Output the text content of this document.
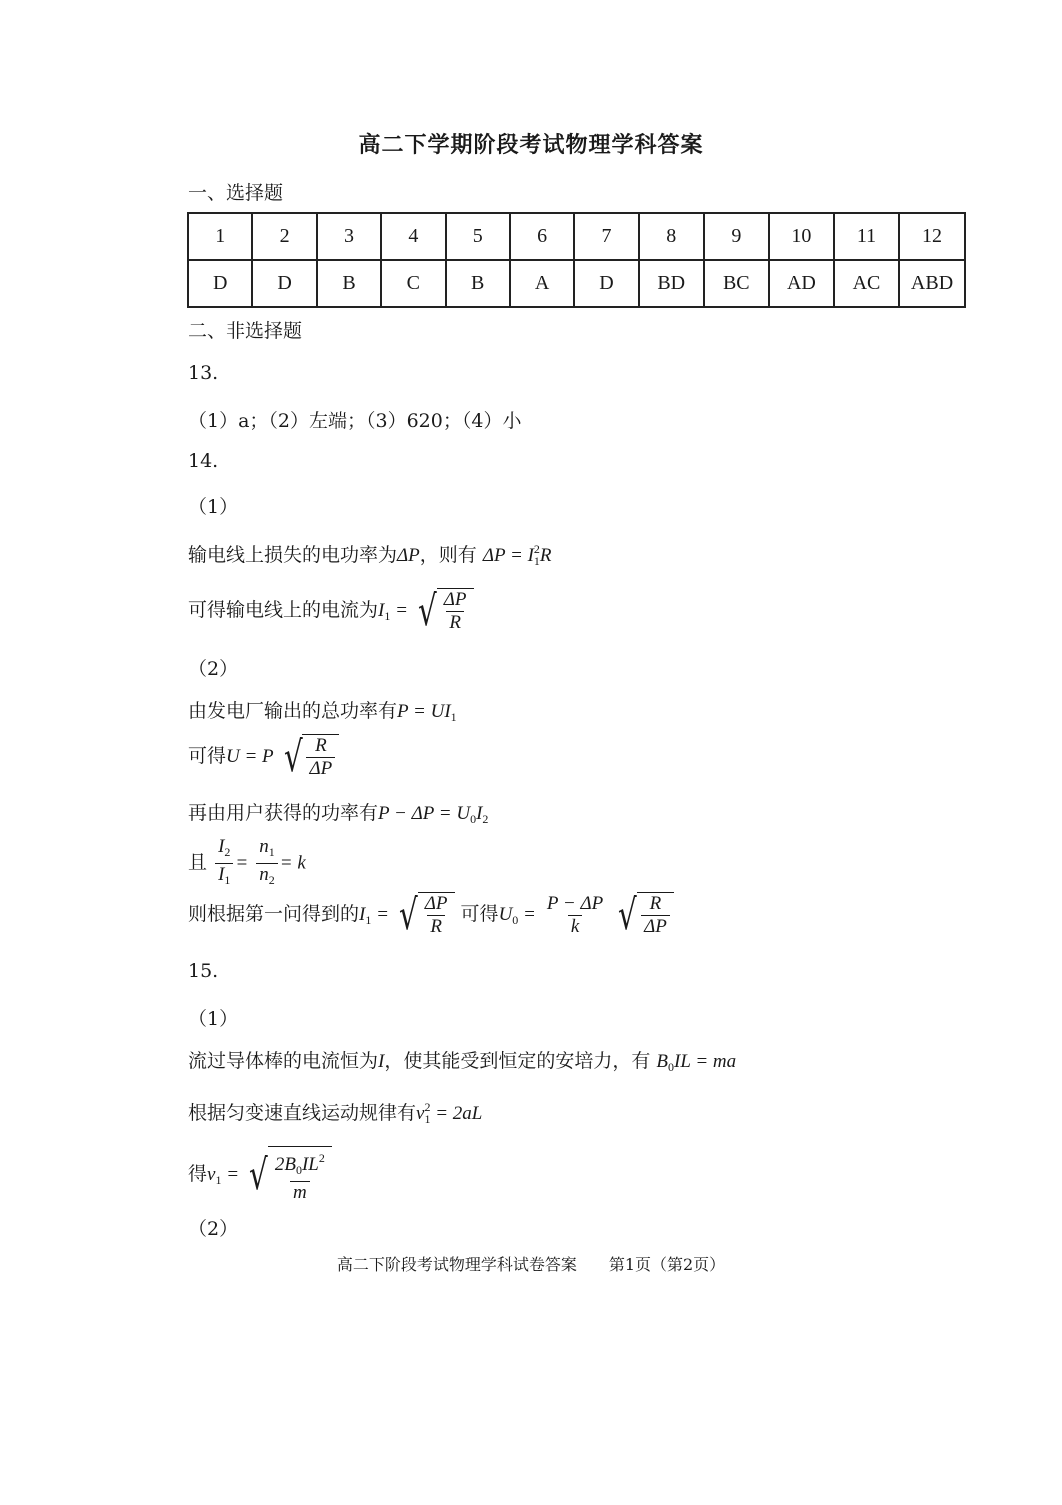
高二下学期阶段考试物理学科答案
一、选择题
1	2	3	4	5	6	7	8	9	10	11	12
D	D	B	C	B	A	D	BD	BC	AD	AC	ABD
二、非选择题
13.
（1）a；（2）左端；（3）620；（4）小
14.
（1）
输电线上损失的电功率为ΔP，则有 $\Delta P = I_1^2R$
可得输电线上的电流为$I_1$ = √ $\frac{\Delta P}{R}$
（2）
由发电厂输出的总功率有$P = UI_1$
可得U = P √ $\frac{R}{\Delta P}$
再由用户获得的功率有$P - \Delta P = U_0I_2$
且 $\frac{I_2}{I_1} = \frac{n_1}{n_2} = k$
则根据第一问得到的$I_1$ = √ $\frac{\Delta P}{R}$ 可得$U_0 = \frac{P - \Delta P}{k}$
√ $\frac{R}{\Delta P}$
15.
（1）
流过导体棒的电流恒为I，使其能受到恒定的安培力，有 $B_0IL$ = ma
根据匀变速直线运动规律有$v_1^2 = 2aL$
得$v_1$ = √ $\frac{2B_0IL^2}{m}$
（2）
高二下阶段考试物理学科试卷答案　　第1页（第2页）
